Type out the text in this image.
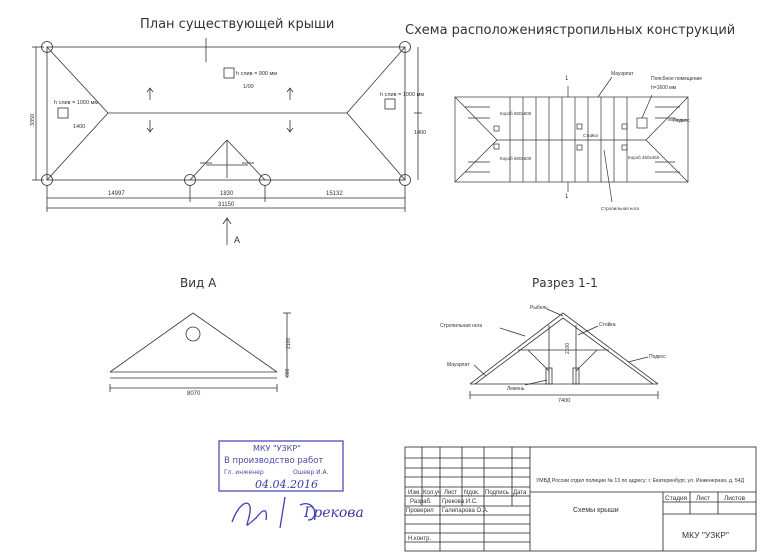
План существующей крыши	Схема расположениястропильных конструкций
Вид А	Разрез 1-1
14997	1830	15132
31150
h слив = 1000 мм
h слив = 900 мм
h слив = 1000 мм
1400
1400
1/00
3350
А
Мауэрлат
Поясбное помещение
h=1600 мм
Подкос
Короб 600x600
Короб 600x600	Короб 450x450
Стойка
Стропильная нога
1
1
8070
2100
600
Рыбель
Стропильная нога	Стойка
Мауэрлат
Подкос
Лежень
7400
2100
МКУ "УЗКР"
В производство работ
Гл. инженер	Ошевр И.А.
04.04.2016
Грекова
УМВД России отдел полиции № 13 по адресу: г. Екатеринбург, ул. Инженерная, д. 54Д
Изм. Кол.уч Лист Nдок. Подпись Дата
Разраб. Грекова И.С.
Проверил Галипарова О.А.
Н.контр.
Схемы крыши
Стадия Лист Листов
МКУ "УЗКР"
